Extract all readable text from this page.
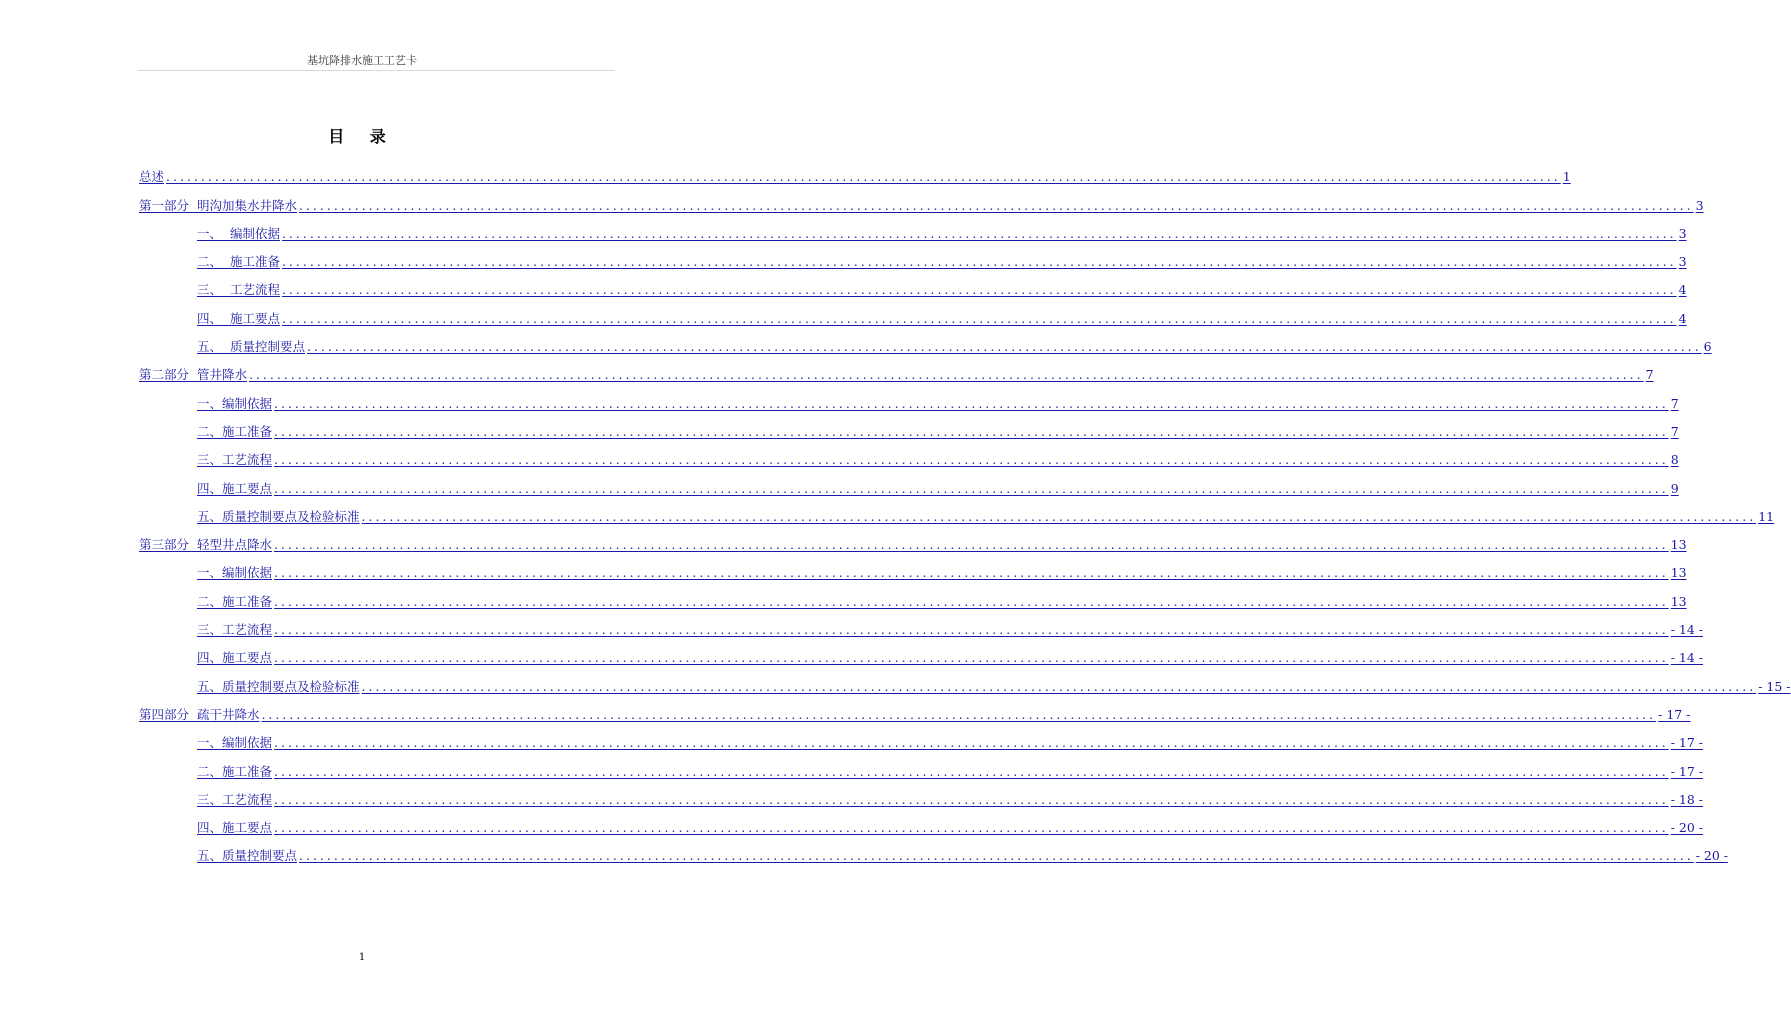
基坑降排水施工工艺卡
目 录
总述 ........................................................................................................................................................................................................ 1
第一部分  明沟加集水井降水 ........................................................................................................................................................................................................ 3
一、  编制依据 ........................................................................................................................................................................................................ 3
二、  施工准备 ........................................................................................................................................................................................................ 3
三、  工艺流程 ........................................................................................................................................................................................................ 4
四、  施工要点 ........................................................................................................................................................................................................ 4
五、  质量控制要点 ........................................................................................................................................................................................................ 6
第二部分  管井降水 ........................................................................................................................................................................................................ 7
一、编制依据 ........................................................................................................................................................................................................ 7
二、施工准备 ........................................................................................................................................................................................................ 7
三、工艺流程 ........................................................................................................................................................................................................ 8
四、施工要点 ........................................................................................................................................................................................................ 9
五、质量控制要点及检验标准 ........................................................................................................................................................................................................ 11
第三部分  轻型井点降水 ........................................................................................................................................................................................................ 13
一、编制依据 ........................................................................................................................................................................................................ 13
二、施工准备 ........................................................................................................................................................................................................ 13
三、工艺流程 ........................................................................................................................................................................................................ - 14 -
四、施工要点 ........................................................................................................................................................................................................ - 14 -
五、质量控制要点及检验标准 ........................................................................................................................................................................................................ - 15 -
第四部分  疏干井降水 ........................................................................................................................................................................................................ - 17 -
一、编制依据 ........................................................................................................................................................................................................ - 17 -
二、施工准备 ........................................................................................................................................................................................................ - 17 -
三、工艺流程 ........................................................................................................................................................................................................ - 18 -
四、施工要点 ........................................................................................................................................................................................................ - 20 -
五、质量控制要点 ........................................................................................................................................................................................................ - 20 -
1
